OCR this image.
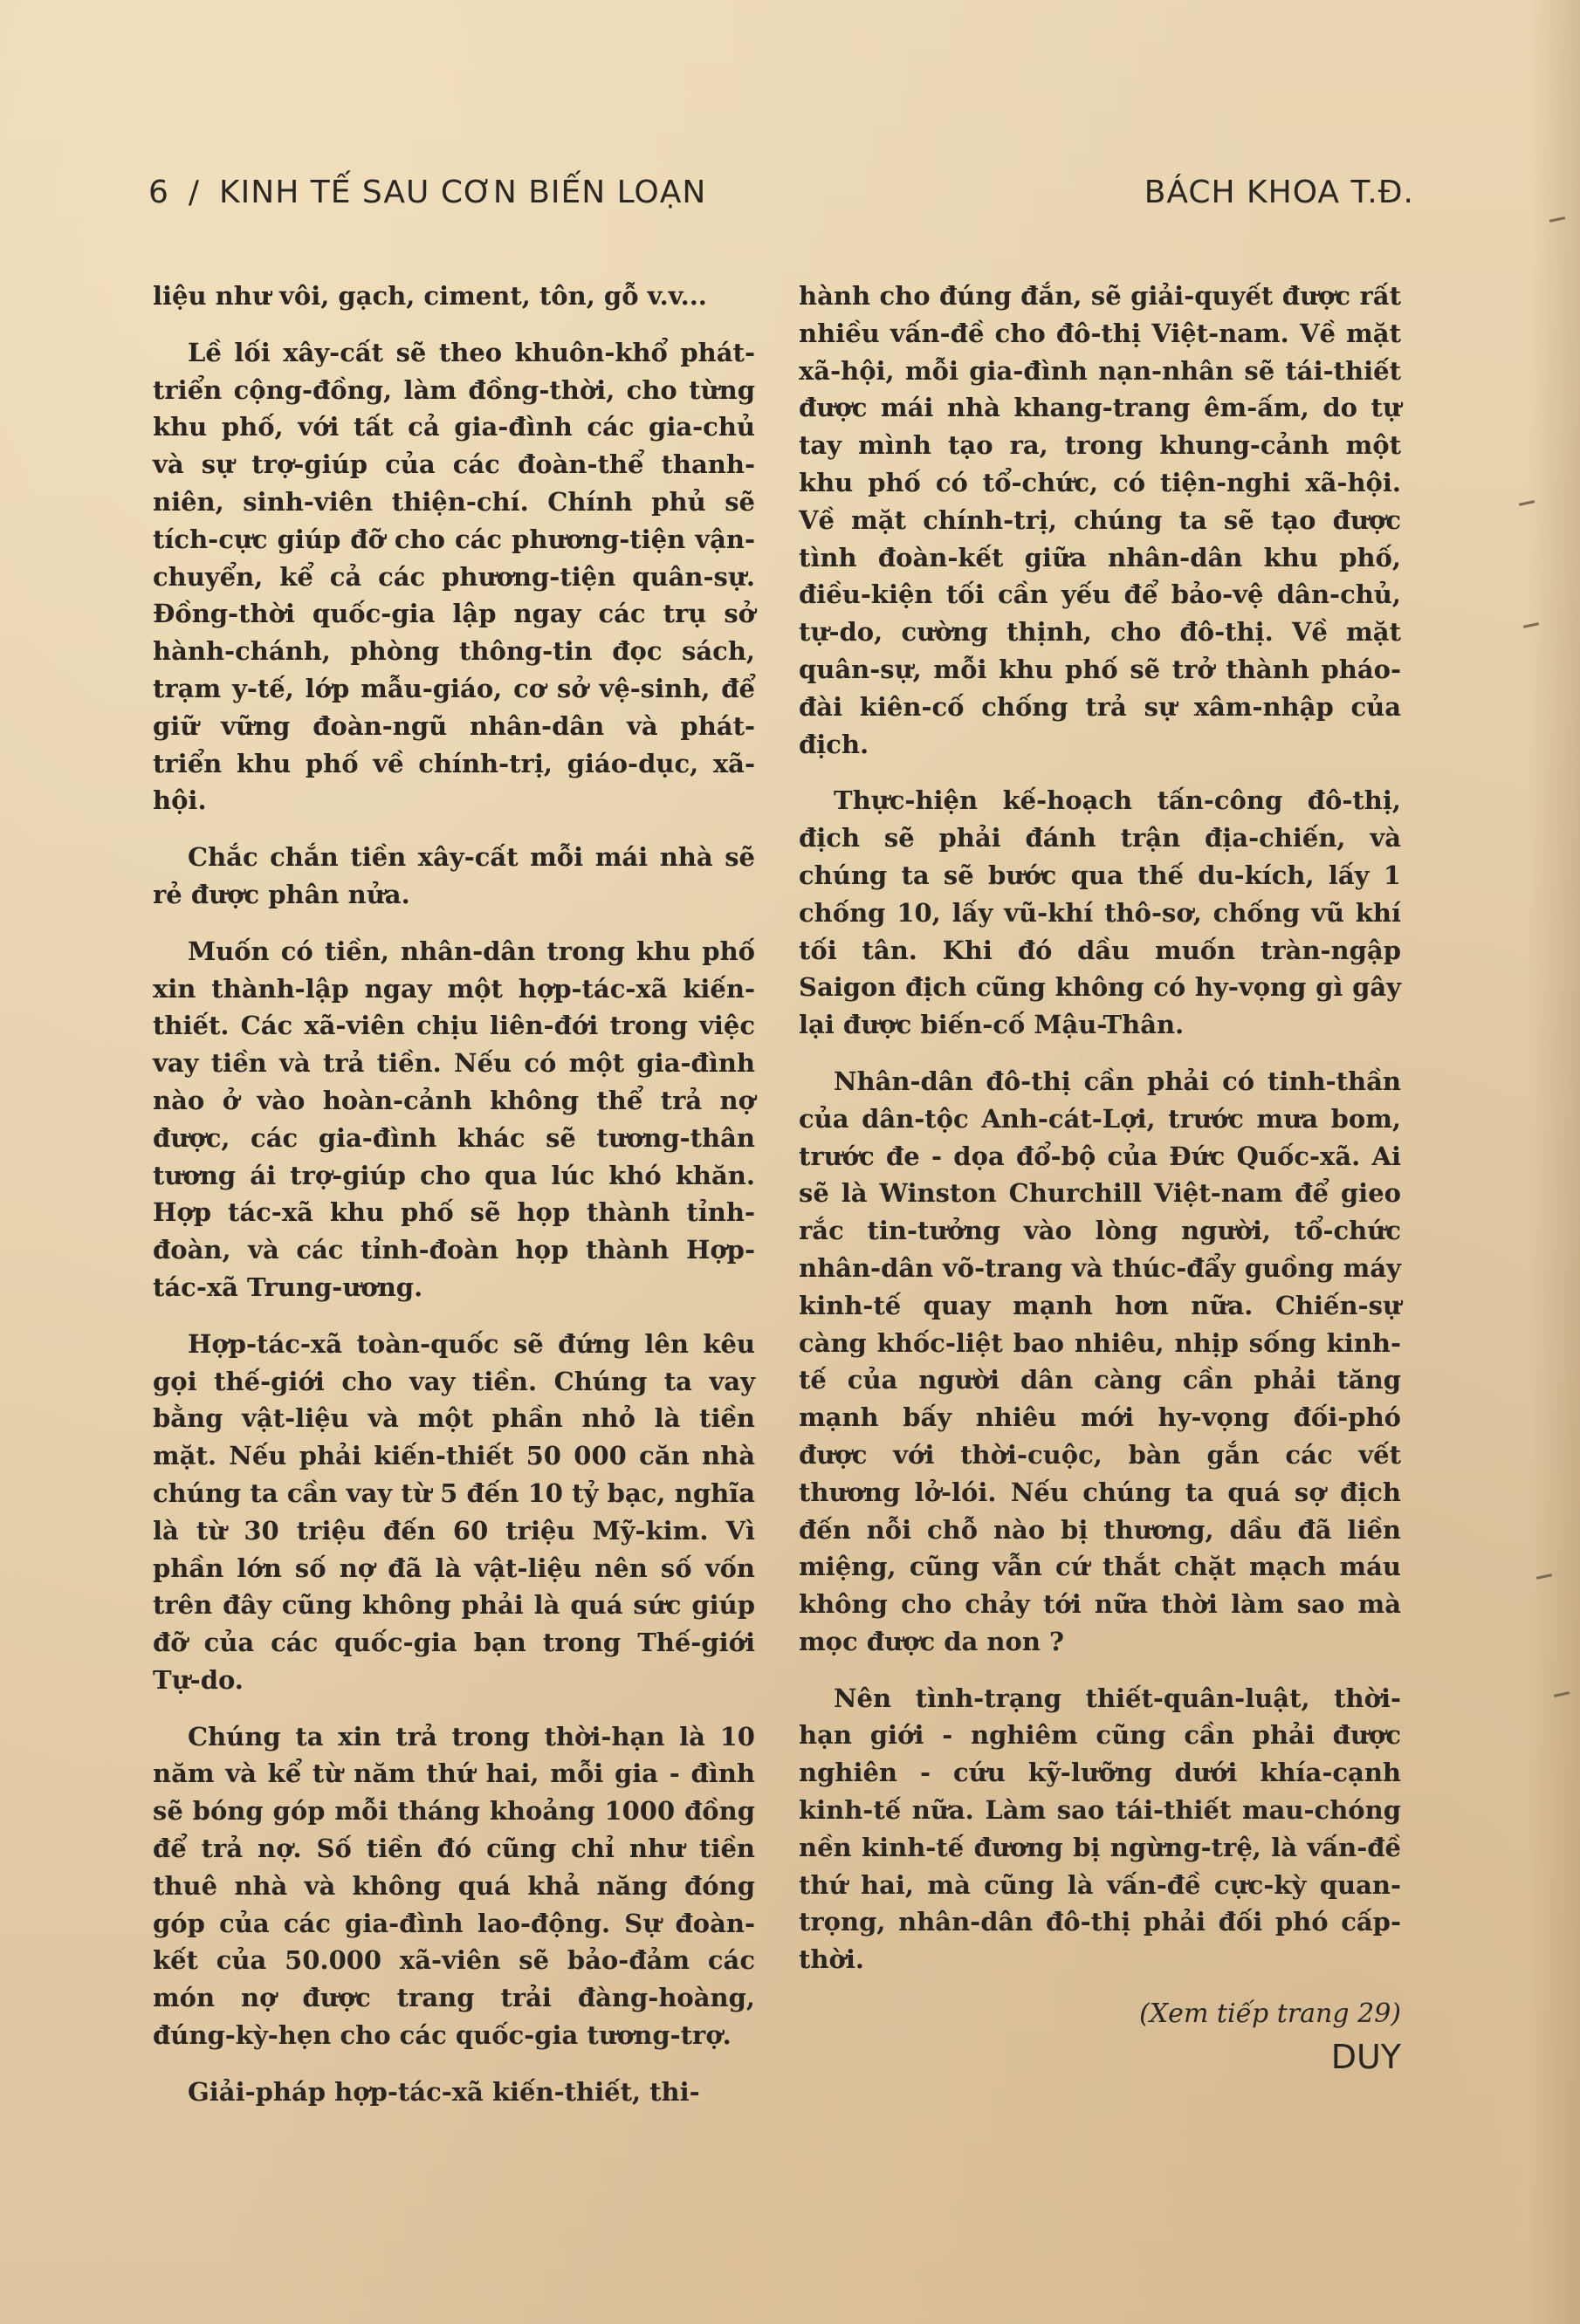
6 / KINH TẾ SAU CƠN BIẾN LOẠN	BÁCH KHOA T.Đ.

liệu như vôi, gạch, ciment, tôn, gỗ v.v...

Lề lối xây-cất sẽ theo khuôn-khổ phát-triển cộng-đồng, làm đồng-thời, cho từng khu phố, với tất cả gia-đình các gia-chủ và sự trợ-giúp của các đoàn-thể thanh-niên, sinh-viên thiện-chí. Chính phủ sẽ tích-cực giúp đỡ cho các phương-tiện vận-chuyển, kể cả các phương-tiện quân-sự. Đồng-thời quốc-gia lập ngay các trụ sở hành-chánh, phòng thông-tin đọc sách, trạm y-tế, lớp mẫu-giáo, cơ sở vệ-sinh, để giữ vững đoàn-ngũ nhân-dân và phát-triển khu phố về chính-trị, giáo-dục, xã-hội.

Chắc chắn tiền xây-cất mỗi mái nhà sẽ rẻ được phân nửa.

Muốn có tiền, nhân-dân trong khu phố xin thành-lập ngay một hợp-tác-xã kiến-thiết. Các xã-viên chịu liên-đới trong việc vay tiền và trả tiền. Nếu có một gia-đình nào ở vào hoàn-cảnh không thể trả nợ được, các gia-đình khác sẽ tương-thân tương ái trợ-giúp cho qua lúc khó khăn. Hợp tác-xã khu phố sẽ họp thành tỉnh-đoàn, và các tỉnh-đoàn họp thành Hợp-tác-xã Trung-ương.

Hợp-tác-xã toàn-quốc sẽ đứng lên kêu gọi thế-giới cho vay tiền. Chúng ta vay bằng vật-liệu và một phần nhỏ là tiền mặt. Nếu phải kiến-thiết 50 000 căn nhà chúng ta cần vay từ 5 đến 10 tỷ bạc, nghĩa là từ 30 triệu đến 60 triệu Mỹ-kim. Vì phần lớn số nợ đã là vật-liệu nên số vốn trên đây cũng không phải là quá sức giúp đỡ của các quốc-gia bạn trong Thế-giới Tự-do.

Chúng ta xin trả trong thời-hạn là 10 năm và kể từ năm thứ hai, mỗi gia - đình sẽ bóng góp mỗi tháng khoảng 1000 đồng để trả nợ. Số tiền đó cũng chỉ như tiền thuê nhà và không quá khả năng đóng góp của các gia-đình lao-động. Sự đoàn-kết của 50.000 xã-viên sẽ bảo-đảm các món nợ được trang trải đàng-hoàng, đúng-kỳ-hẹn cho các quốc-gia tương-trợ.

Giải-pháp hợp-tác-xã kiến-thiết, thi-

hành cho đúng đắn, sẽ giải-quyết được rất nhiều vấn-đề cho đô-thị Việt-nam. Về mặt xã-hội, mỗi gia-đình nạn-nhân sẽ tái-thiết được mái nhà khang-trang êm-ấm, do tự tay mình tạo ra, trong khung-cảnh một khu phố có tổ-chức, có tiện-nghi xã-hội. Về mặt chính-trị, chúng ta sẽ tạo được tình đoàn-kết giữa nhân-dân khu phố, điều-kiện tối cần yếu để bảo-vệ dân-chủ, tự-do, cường thịnh, cho đô-thị. Về mặt quân-sự, mỗi khu phố sẽ trở thành pháo-đài kiên-cố chống trả sự xâm-nhập của địch.

Thực-hiện kế-hoạch tấn-công đô-thị, địch sẽ phải đánh trận địa-chiến, và chúng ta sẽ bước qua thế du-kích, lấy 1 chống 10, lấy vũ-khí thô-sơ, chống vũ khí tối tân. Khi đó dầu muốn tràn-ngập Saigon địch cũng không có hy-vọng gì gây lại được biến-cố Mậu-Thân.

Nhân-dân đô-thị cần phải có tinh-thần của dân-tộc Anh-cát-Lợi, trước mưa bom, trước đe - dọa đổ-bộ của Đức Quốc-xã. Ai sẽ là Winston Churchill Việt-nam để gieo rắc tin-tưởng vào lòng người, tổ-chức nhân-dân võ-trang và thúc-đẩy guồng máy kinh-tế quay mạnh hơn nữa. Chiến-sự càng khốc-liệt bao nhiêu, nhịp sống kinh-tế của người dân càng cần phải tăng mạnh bấy nhiêu mới hy-vọng đối-phó được với thời-cuộc, bàn gắn các vết thương lở-lói. Nếu chúng ta quá sợ địch đến nỗi chỗ nào bị thương, dầu đã liền miệng, cũng vẫn cứ thắt chặt mạch máu không cho chảy tới nữa thời làm sao mà mọc được da non ?

Nên tình-trạng thiết-quân-luật, thời-hạn giới - nghiêm cũng cần phải được nghiên - cứu kỹ-lưỡng dưới khía-cạnh kinh-tế nữa. Làm sao tái-thiết mau-chóng nền kinh-tế đương bị ngừng-trệ, là vấn-đề thứ hai, mà cũng là vấn-đề cực-kỳ quan-trọng, nhân-dân đô-thị phải đối phó cấp-thời.

(Xem tiếp trang 29)
DUY
